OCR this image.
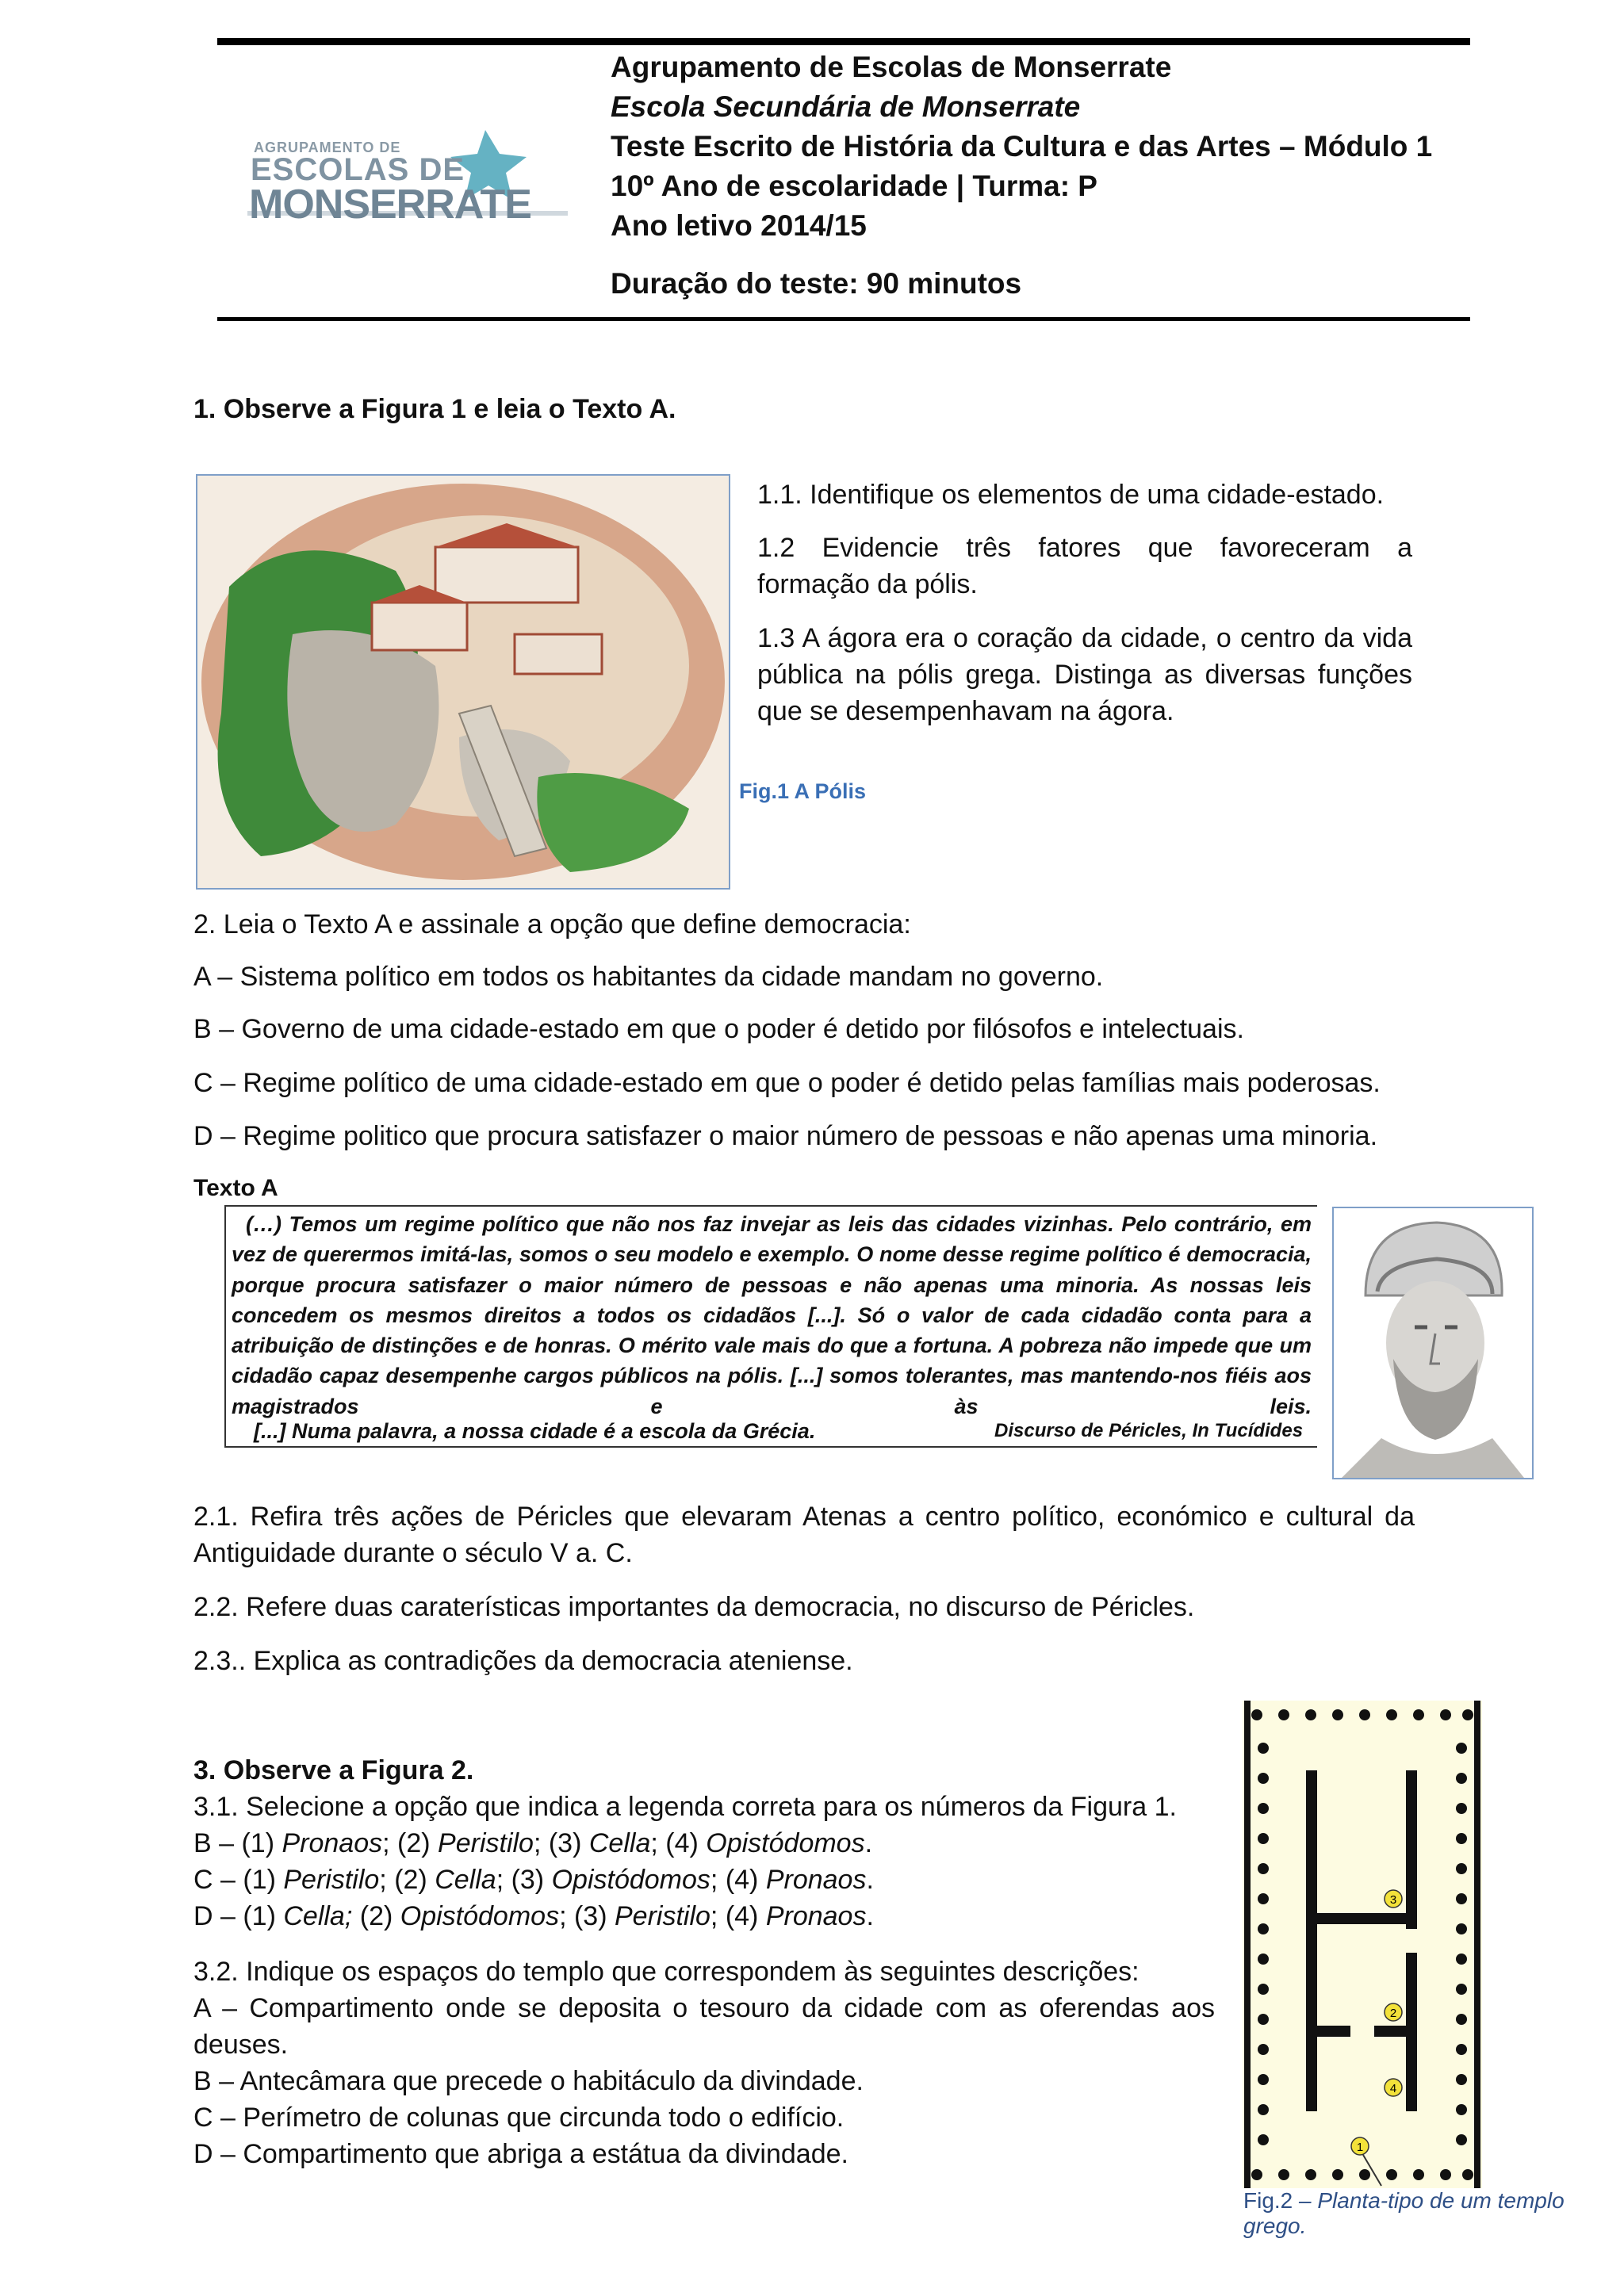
AGRUPAMENTO DE
ESCOLAS DE
MONSERRATE
Agrupamento de Escolas de Monserrate
Escola Secundária de Monserrate
Teste Escrito de História da Cultura e das Artes – Módulo 1
10º Ano de escolaridade | Turma: P
Ano letivo 2014/15
Duração do teste: 90 minutos
1. Observe a Figura 1 e leia o Texto A.
1.1. Identifique os elementos de uma cidade-estado.
1.2 Evidencie três fatores que favoreceram a formação da pólis.
1.3 A ágora era o coração da cidade, o centro da vida pública na pólis grega. Distinga as diversas funções que se desempenhavam na ágora.
Fig.1 A Pólis
2. Leia o Texto A e assinale a opção que define democracia:
A – Sistema político em todos os habitantes da cidade mandam no governo.
B – Governo de uma cidade-estado em que o poder é detido por filósofos e intelectuais.
C – Regime político de uma cidade-estado em que o poder é detido pelas famílias mais poderosas.
D – Regime politico que procura satisfazer o maior número de pessoas e não apenas uma minoria.
Texto A
(…) Temos um regime político que não nos faz invejar as leis das cidades vizinhas. Pelo contrário, em vez de querermos imitá-las, somos o seu modelo e exemplo. O nome desse regime político é democracia, porque procura satisfazer o maior número de pessoas e não apenas uma minoria. As nossas leis concedem os mesmos direitos a todos os cidadãos [...]. Só o valor de cada cidadão conta para a atribuição de distinções e de honras. O mérito vale mais do que a fortuna. A pobreza não impede que um cidadão capaz desempenhe cargos públicos na pólis. [...] somos tolerantes, mas mantendo-nos fiéis aos magistrados e às leis.
[...] Numa palavra, a nossa cidade é a escola da Grécia.	Discurso de Péricles, In Tucídides
2.1. Refira três ações de Péricles que elevaram Atenas a centro político, económico e cultural da Antiguidade durante o século V a. C.
2.2. Refere duas caraterísticas importantes da democracia, no discurso de Péricles.
2.3.. Explica as contradições da democracia ateniense.
3. Observe a Figura 2.
3.1. Selecione a opção que indica a legenda correta para os números da Figura 1.
B – (1) Pronaos; (2) Peristilo; (3) Cella; (4) Opistódomos.
C – (1) Peristilo; (2) Cella; (3) Opistódomos; (4) Pronaos.
D – (1) Cella; (2) Opistódomos; (3) Peristilo; (4) Pronaos.
3.2. Indique os espaços do templo que correspondem às seguintes descrições:
A – Compartimento onde se deposita o tesouro da cidade com as oferendas aos deuses.
B – Antecâmara que precede o habitáculo da divindade.
C – Perímetro de colunas que circunda todo o edifício.
D – Compartimento que abriga a estátua da divindade.
3
2
4
1
Fig.2 – Planta-tipo de um templo grego.
